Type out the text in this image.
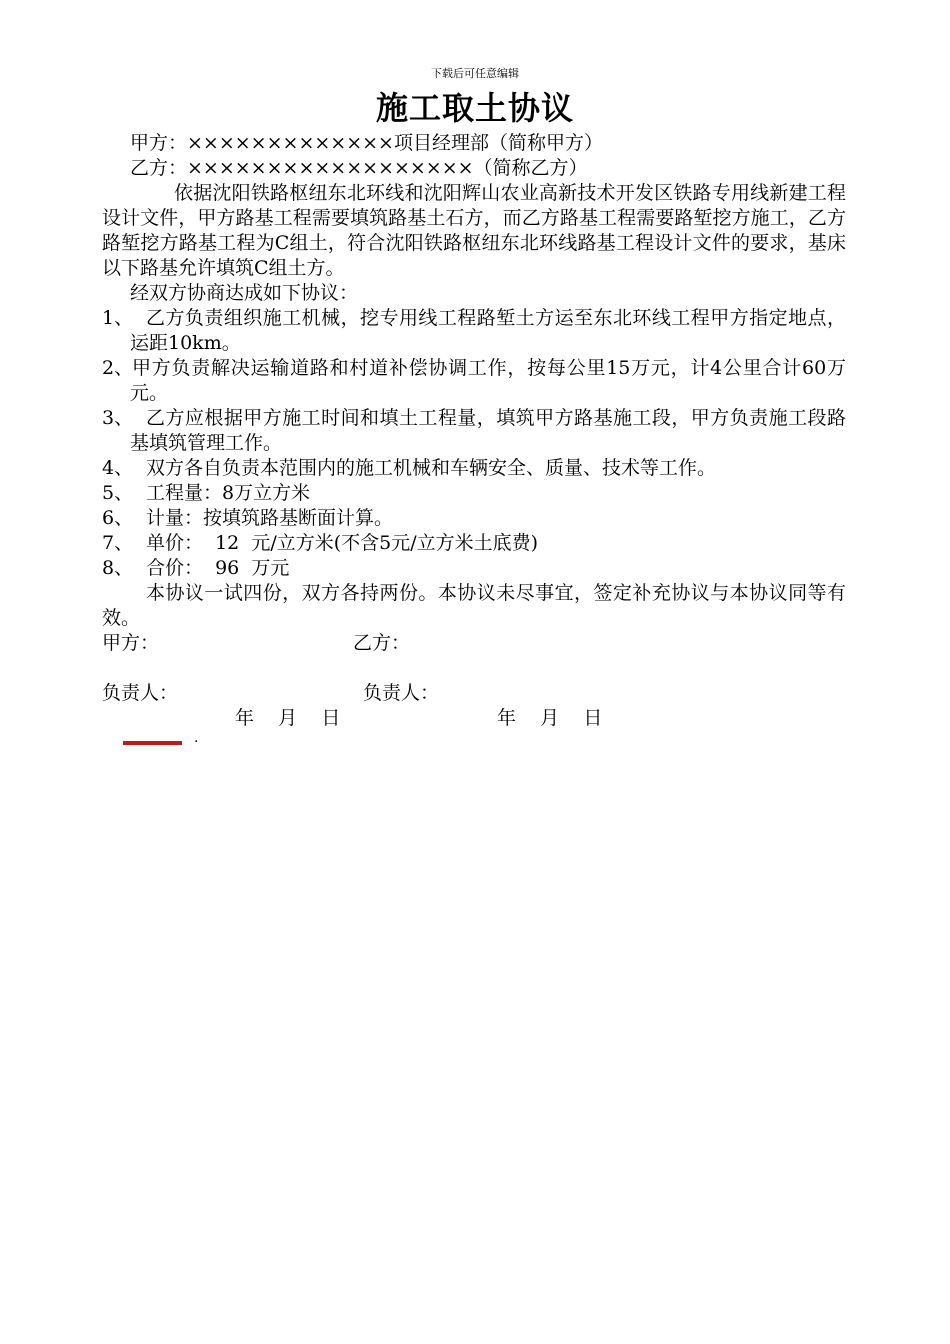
下载后可任意编辑
施工取土协议
甲方：×××××××××××××项目经理部（简称甲方）
乙方：××××××××××××××××××（简称乙方）
依据沈阳铁路枢纽东北环线和沈阳辉山农业高新技术开发区铁路专用线新建工程设计文件，甲方路基工程需要填筑路基土石方，而乙方路基工程需要路堑挖方施工，乙方路堑挖方路基工程为C组土，符合沈阳铁路枢纽东北环线路基工程设计文件的要求，基床以下路基允许填筑C组土方。
经双方协商达成如下协议：
1、 乙方负责组织施工机械，挖专用线工程路堑土方运至东北环线工程甲方指定地点，运距10km。
2、
甲方负责解决运输道路和村道补偿协调工作，按每公里15万元，计4公里合计60万元。
3、 乙方应根据甲方施工时间和填土工程量，填筑甲方路基施工段，甲方负责施工段路基填筑管理工作。
4、 双方各自负责本范围内的施工机械和车辆安全、质量、技术等工作。
5、 工程量：8万立方米
6、 计量：按填筑路基断面计算。
7、 单价：  12  元/立方米(不含5元/立方米土底费)
8、 合价：  96  万元
本协议一试四份，双方各持两份。本协议未尽事宜，签定补充协议与本协议同等有效。
甲方：	乙方：
负责人：	负责人：
年    月    日	年    月    日
.
